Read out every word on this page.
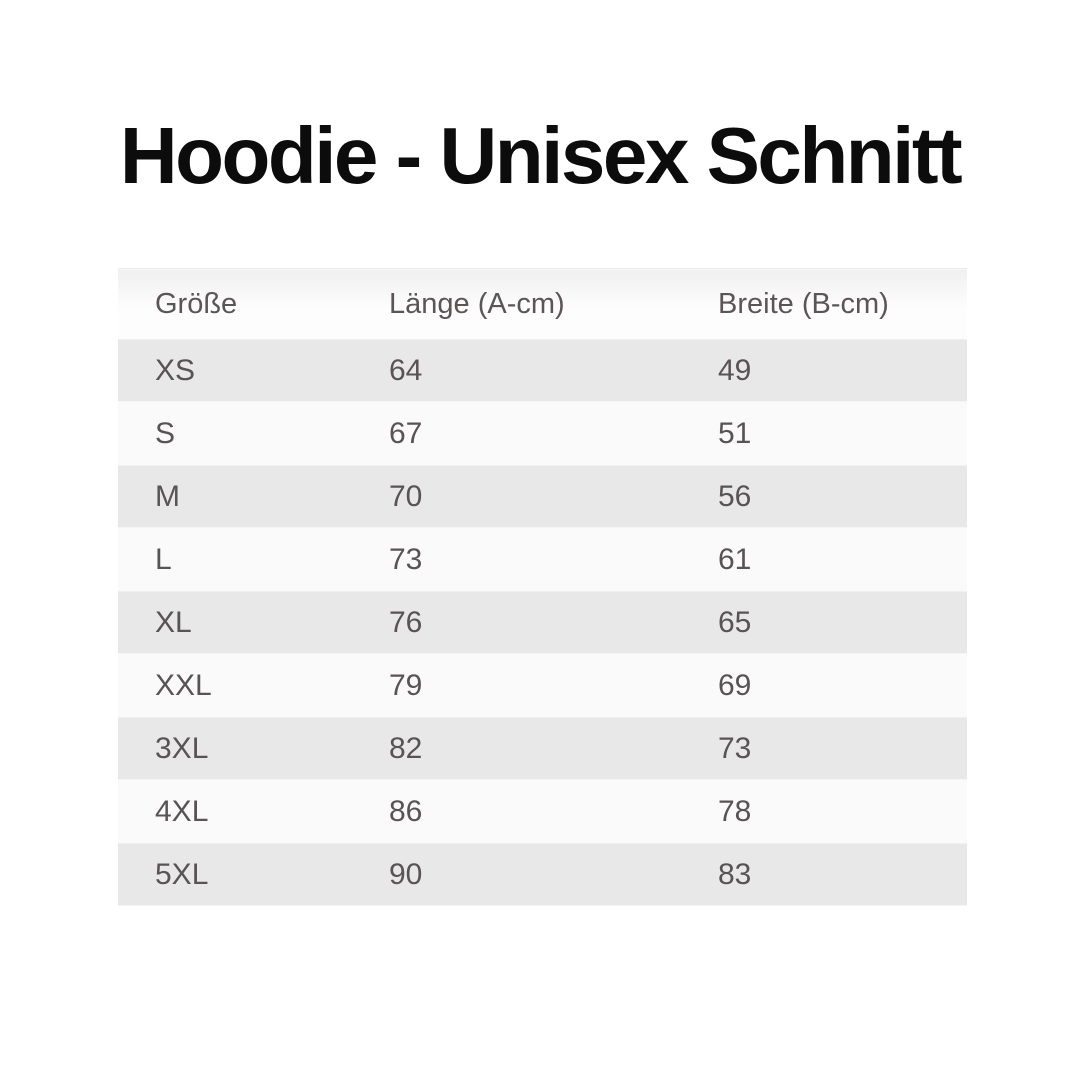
Hoodie - Unisex Schnitt
Größe	Länge (A-cm)	Breite (B-cm)
XS	64	49
S	67	51
M	70	56
L	73	61
XL	76	65
XXL	79	69
3XL	82	73
4XL	86	78
5XL	90	83
